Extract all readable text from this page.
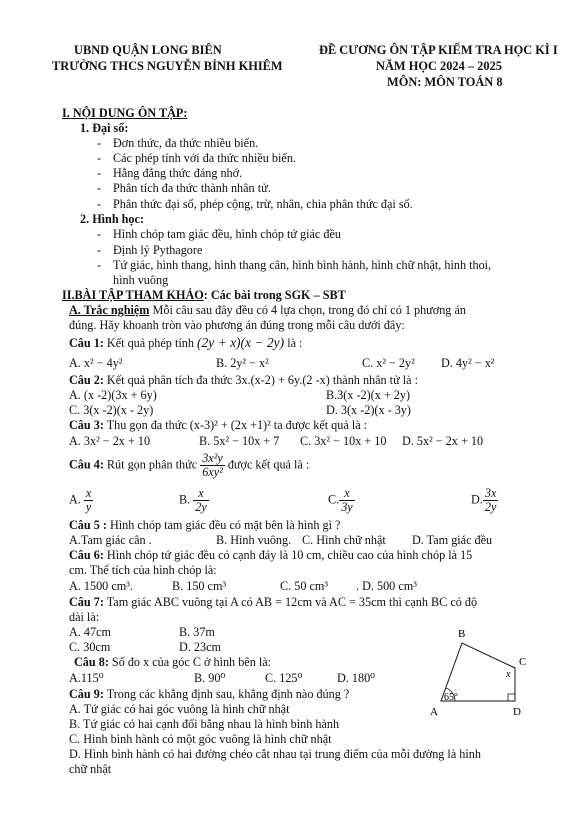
UBND QUẬN LONG BIÊN
TRƯỜNG THCS NGUYỄN BỈNH KHIÊM
ĐỀ CƯƠNG ÔN TẬP KIỂM TRA HỌC KÌ I
NĂM HỌC 2024 – 2025
MÔN: MÔN TOÁN 8
I. NỘI DUNG ÔN TẬP:
1. Đại số:
- Đơn thức, đa thức nhiều biến.
- Các phép tính với đa thức nhiều biến.
- Hằng đẳng thức đáng nhớ.
- Phân tích đa thức thành nhân tử.
- Phân thức đại số, phép cộng, trừ, nhân, chia phân thức đại số.
2. Hình học:
- Hình chóp tam giác đều, hình chóp tứ giác đều
- Định lý Pythagore
- Tứ giác, hình thang, hình thang cân, hình bình hành, hình chữ nhật, hình thoi,
hình vuông
II.BÀI TẬP THAM KHẢO: Các bài trong SGK – SBT
A. Trắc nghiệm Mỗi câu sau đây đều có 4 lựa chọn, trong đó chỉ có 1 phương án
đúng. Hãy khoanh tròn vào phương án đúng trong mỗi câu dưới đây:
Câu 1: Kết quả phép tính (2y + x)(x − 2y) là :
A. x² − 4y²	B. 2y² − x²	C. x² − 2y² D. 4y² − x²
Câu 2: Kết quả phân tích đa thức 3x.(x-2) + 6y.(2 -x) thành nhân tử là :
A. (x -2)(3x + 6y)	B.3(x -2)(x + 2y)
C. 3(x -2)(x - 2y)	D. 3(x -2)(x - 3y)
Câu 3: Thu gọn đa thức (x-3)² + (2x +1)² ta được kết quả là :
A. 3x² − 2x + 10	B. 5x² − 10x + 7 C. 3x² − 10x + 10 D. 5x² − 2x + 10
Câu 4: Rút gọn phân thức $\frac{\text{3x²y}}{\text{6xy²}}$ được kết quả là :
A. $\frac{x}{y}$	B. $\frac{x}{2y}$	C. $\frac{x}{3y}$	D. $\frac{3x}{2y}$
Câu 5 : Hình chóp tam giác đều có mặt bên là hình gì ?
A.Tam giác cân .	B. Hình vuông. C. Hình chữ nhật D. Tam giác đều
Câu 6: Hình chóp tứ giác đều có cạnh đáy là 10 cm, chiều cao của hình chóp là 15
cm. Thể tích của hình chóp là:
A. 1500 cm³.	B. 150 cm³	C. 50 cm³ . D. 500 cm³
Câu 7: Tam giác ABC vuông tại A có AB = 12cm và AC = 35cm thì cạnh BC có độ
dài là:
A. 47cm	B. 37m
C. 30cm	D. 23cm
Câu 8: Số đo x của góc C ở hình bên là:
A.115⁰	B. 90⁰	C. 125⁰	D. 180⁰
Câu 9: Trong các khẳng định sau, khẳng định nào đúng ?
A. Tứ giác có hai góc vuông là hình chữ nhật
B. Tứ giác có hai cạnh đối bằng nhau là hình bình hành
C. Hình bình hành có một góc vuông là hình chữ nhật
D. Hình bình hành có hai đường chéo cắt nhau tại trung điểm của mỗi đường là hình
chữ nhật
B
C
A	D
x
65°
